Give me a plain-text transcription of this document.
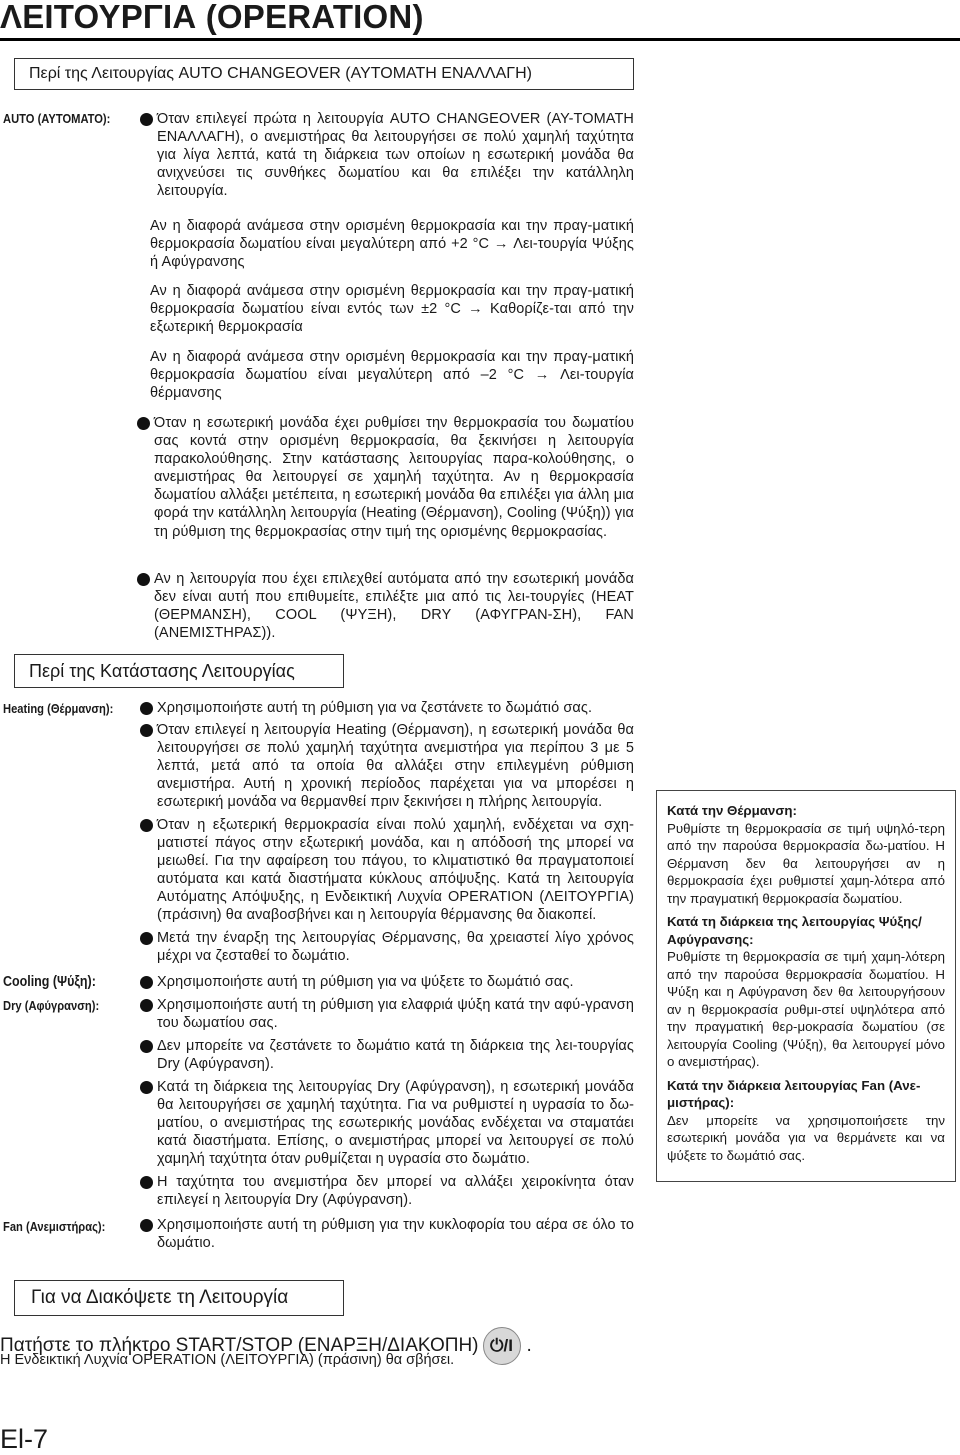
ΛΕΙΤΟΥΡΓΙΑ (OPERATION)
Περί της Λειτουργίας AUTO CHANGEOVER (ΑΥΤΟΜΑΤΗ ΕΝΑΛΛΑΓΗ)
AUTO (ΑΥΤΟΜΑΤΟ):	Όταν επιλεγεί πρώτα η λειτουργία AUTO CHANGEOVER (ΑΥ-ΤΟΜΑΤΗ ΕΝΑΛΛΑΓΗ), ο ανεμιστήρας θα λειτουργήσει σε πολύ χαμηλή ταχύτητα για λίγα λεπτά, κατά τη διάρκεια των οποίων η εσωτερική μονάδα θα ανιχνεύσει τις συνθήκες δωματίου και θα επιλέξει την κατάλληλη λειτουργία.

Αν η διαφορά ανάμεσα στην ορισμένη θερμοκρασία και την πραγ-ματική θερμοκρασία δωματίου είναι μεγαλύτερη από +2 °C → Λει-τουργία Ψύξης ή Αφύγρανσης

Αν η διαφορά ανάμεσα στην ορισμένη θερμοκρασία και την πραγ-ματική θερμοκρασία δωματίου είναι εντός των ±2 °C → Καθορίζε-ται από την εξωτερική θερμοκρασία

Αν η διαφορά ανάμεσα στην ορισμένη θερμοκρασία και την πραγ-ματική θερμοκρασία δωματίου είναι μεγαλύτερη από –2 °C → Λει-τουργία θέρμανσης

Όταν η εσωτερική μονάδα έχει ρυθμίσει την θερμοκρασία του δωματίου σας κοντά στην ορισμένη θερμοκρασία, θα ξεκινήσει η λειτουργία παρακολούθησης. Στην κατάστασης λειτουργίας παρα-κολούθησης, ο ανεμιστήρας θα λειτουργεί σε χαμηλή ταχύτητα. Αν η θερμοκρασία δωματίου αλλάξει μετέπειτα, η εσωτερική μονάδα θα επιλέξει για άλλη μια φορά την κατάλληλη λειτουργία (Heating (Θέρμανση), Cooling (Ψύξη)) για τη ρύθμιση της θερμοκρασίας στην τιμή της ορισμένης θερμοκρασίας.

Αν η λειτουργία που έχει επιλεχθεί αυτόματα από την εσωτερική μονάδα δεν είναι αυτή που επιθυμείτε, επιλέξτε μια από τις λει-τουργίες (HEAT (ΘΕΡΜΑΝΣΗ), COOL (ΨΥΞΗ), DRY (ΑΦΥΓΡΑΝ-ΣΗ), FAN (ΑΝΕΜΙΣΤΗΡΑΣ)).

Περί της Κατάστασης Λειτουργίας
Heating (Θέρμανση):	Χρησιμοποιήστε αυτή τη ρύθμιση για να ζεστάνετε το δωμάτιό σας.

Όταν επιλεγεί η λειτουργία Heating (Θέρμανση), η εσωτερική μονάδα θα λειτουργήσει σε πολύ χαμηλή ταχύτητα ανεμιστήρα για περίπου 3 με 5 λεπτά, μετά από τα οποία θα αλλάξει στην επιλεγμένη ρύθμιση ανεμιστήρα. Αυτή η χρονική περίοδος παρέχεται για να μπορέσει η εσωτερική μονάδα να θερμανθεί πριν ξεκινήσει η πλήρης λειτουργία.

Όταν η εξωτερική θερμοκρασία είναι πολύ χαμηλή, ενδέχεται να σχη-ματιστεί πάγος στην εξωτερική μονάδα, και η απόδοσή της μπορεί να μειωθεί. Για την αφαίρεση του πάγου, το κλιματιστικό θα πραγματοποιεί αυτόματα και κατά διαστήματα κύκλους απόψυξης. Κατά τη λειτουργία Αυτόματης Απόψυξης, η Ενδεικτική Λυχνία OPERATION (ΛΕΙΤΟΥΡΓΙΑ) (πράσινη) θα αναβοσβήνει και η λειτουργία θέρμανσης θα διακοπεί.

Μετά την έναρξη της λειτουργίας Θέρμανσης, θα χρειαστεί λίγο χρόνος μέχρι να ζεσταθεί το δωμάτιο.

Cooling (Ψύξη):	Χρησιμοποιήστε αυτή τη ρύθμιση για να ψύξετε το δωμάτιό σας.

Dry (Αφύγρανση):	Χρησιμοποιήστε αυτή τη ρύθμιση για ελαφριά ψύξη κατά την αφύ-γρανση του δωματίου σας.

Δεν μπορείτε να ζεστάνετε το δωμάτιο κατά τη διάρκεια της λει-τουργίας Dry (Αφύγρανση).

Κατά τη διάρκεια της λειτουργίας Dry (Αφύγρανση), η εσωτερική μονάδα θα λειτουργήσει σε χαμηλή ταχύτητα. Για να ρυθμιστεί η υγρασία το δω-ματίου, ο ανεμιστήρας της εσωτερικής μονάδας ενδέχεται να σταματάει κατά διαστήματα. Επίσης, ο ανεμιστήρας μπορεί να λειτουργεί σε πολύ χαμηλή ταχύτητα όταν ρυθμίζεται η υγρασία στο δωμάτιο.

Η ταχύτητα του ανεμιστήρα δεν μπορεί να αλλάξει χειροκίνητα όταν επιλεγεί η λειτουργία Dry (Αφύγρανση).

Fan (Ανεμιστήρας):	Χρησιμοποιήστε αυτή τη ρύθμιση για την κυκλοφορία του αέρα σε όλο το δωμάτιο.

Κατά την Θέρμανση:

Ρυθμίστε τη θερμοκρασία σε τιμή υψηλό-τερη από την παρούσα θερμοκρασία δω-ματίου. Η Θέρμανση δεν θα λειτουργήσει αν η θερμοκρασία έχει ρυθμιστεί χαμη-λότερα από την πραγματική θερμοκρασία δωματίου.

Κατά τη διάρκεια της λειτουργίας Ψύξης/ Αφύγρανσης:

Ρυθμίστε τη θερμοκρασία σε τιμή χαμη-λότερη από την παρούσα θερμοκρασία δωματίου. Η Ψύξη και η Αφύγρανση δεν θα λειτουργήσουν αν η θερμοκρασία ρυθμι-στεί υψηλότερα από την πραγματική θερ-μοκρασία δωματίου (σε λειτουργία Cooling (Ψύξη), θα λειτουργεί μόνο ο ανεμιστήρας).

Κατά την διάρκεια λειτουργίας Fan (Ανε-μιστήρας):

Δεν μπορείτε να χρησιμοποιήσετε την εσωτερική μονάδα για να θερμάνετε και να ψύξετε το δωμάτιό σας.

Για να Διακόψετε τη Λειτουργία
Πατήστε το πλήκτρο START/STOP (ΕΝΑΡΞΗ/ΔΙΑΚΟΠΗ) ⏻/I .
Η Ενδεικτική Λυχνία OPERATION (ΛΕΙΤΟΥΡΓΙΑ) (πράσινη) θα σβήσει.
El-7
